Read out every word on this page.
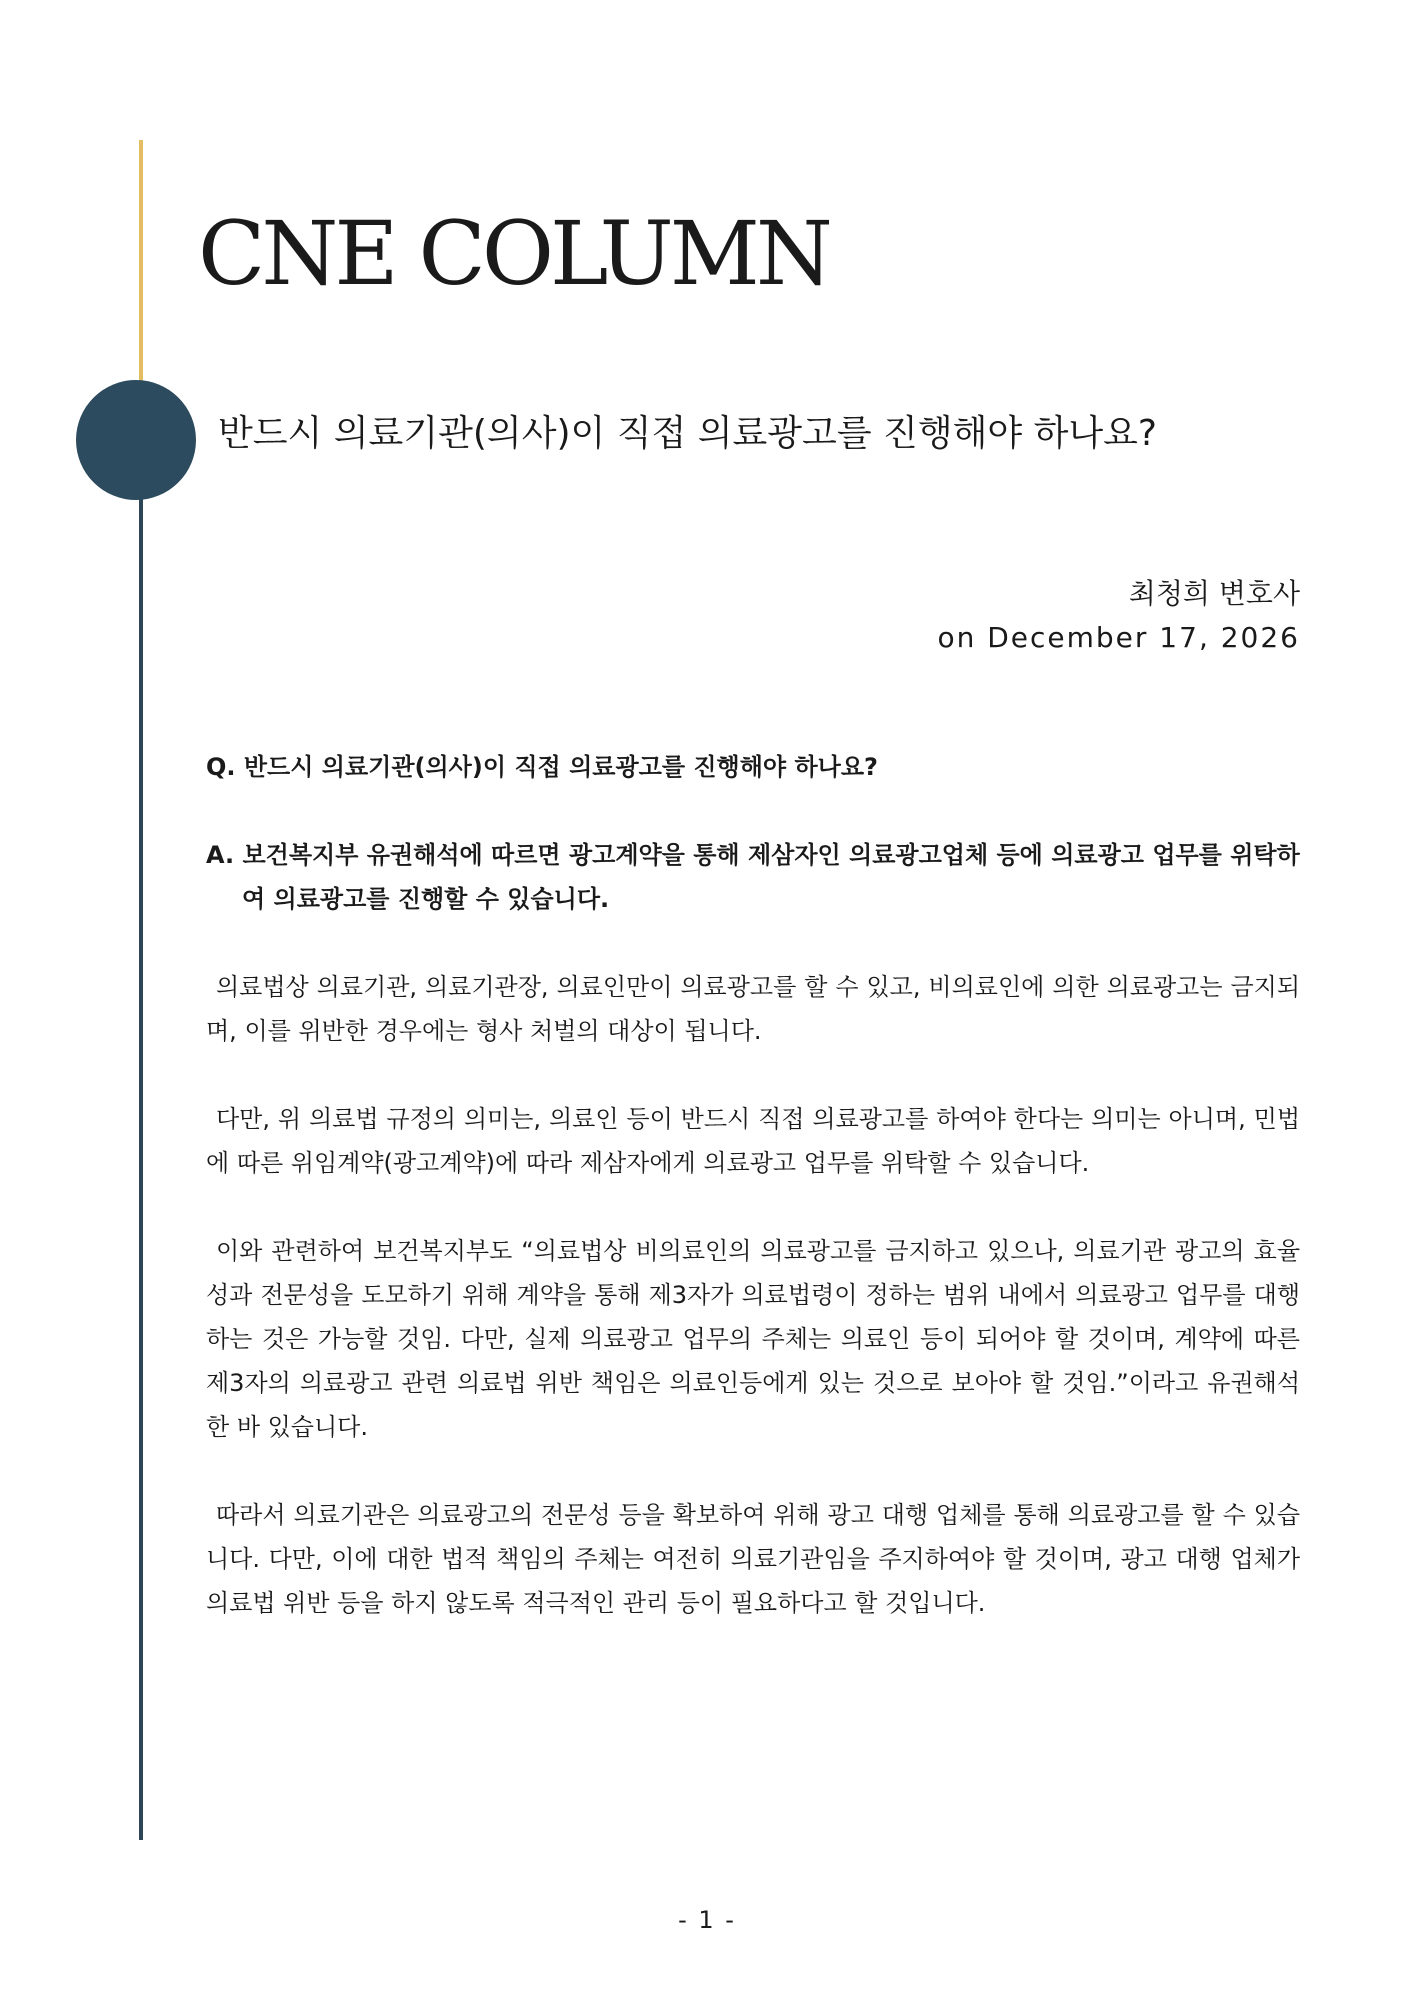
CNE COLUMN
반드시 의료기관(의사)이 직접 의료광고를 진행해야 하나요?
최청희 변호사
on December 17, 2026

Q. 반드시 의료기관(의사)이 직접 의료광고를 진행해야 하나요?

A. 보건복지부 유권해석에 따르면 광고계약을 통해 제삼자인 의료광고업체 등에 의료광고 업무를 위탁하여 의료광고를 진행할 수 있습니다.

의료법상 의료기관, 의료기관장, 의료인만이 의료광고를 할 수 있고, 비의료인에 의한 의료광고는 금지되며, 이를 위반한 경우에는 형사 처벌의 대상이 됩니다.

다만, 위 의료법 규정의 의미는, 의료인 등이 반드시 직접 의료광고를 하여야 한다는 의미는 아니며, 민법에 따른 위임계약(광고계약)에 따라 제삼자에게 의료광고 업무를 위탁할 수 있습니다.

이와 관련하여 보건복지부도 “의료법상 비의료인의 의료광고를 금지하고 있으나, 의료기관 광고의 효율성과 전문성을 도모하기 위해 계약을 통해 제3자가 의료법령이 정하는 범위 내에서 의료광고 업무를 대행하는 것은 가능할 것임. 다만, 실제 의료광고 업무의 주체는 의료인 등이 되어야 할 것이며, 계약에 따른 제3자의 의료광고 관련 의료법 위반 책임은 의료인등에게 있는 것으로 보아야 할 것임.”이라고 유권해석 한 바 있습니다.

따라서 의료기관은 의료광고의 전문성 등을 확보하여 위해 광고 대행 업체를 통해 의료광고를 할 수 있습니다. 다만, 이에 대한 법적 책임의 주체는 여전히 의료기관임을 주지하여야 할 것이며, 광고 대행 업체가 의료법 위반 등을 하지 않도록 적극적인 관리 등이 필요하다고 할 것입니다.

- 1 -
